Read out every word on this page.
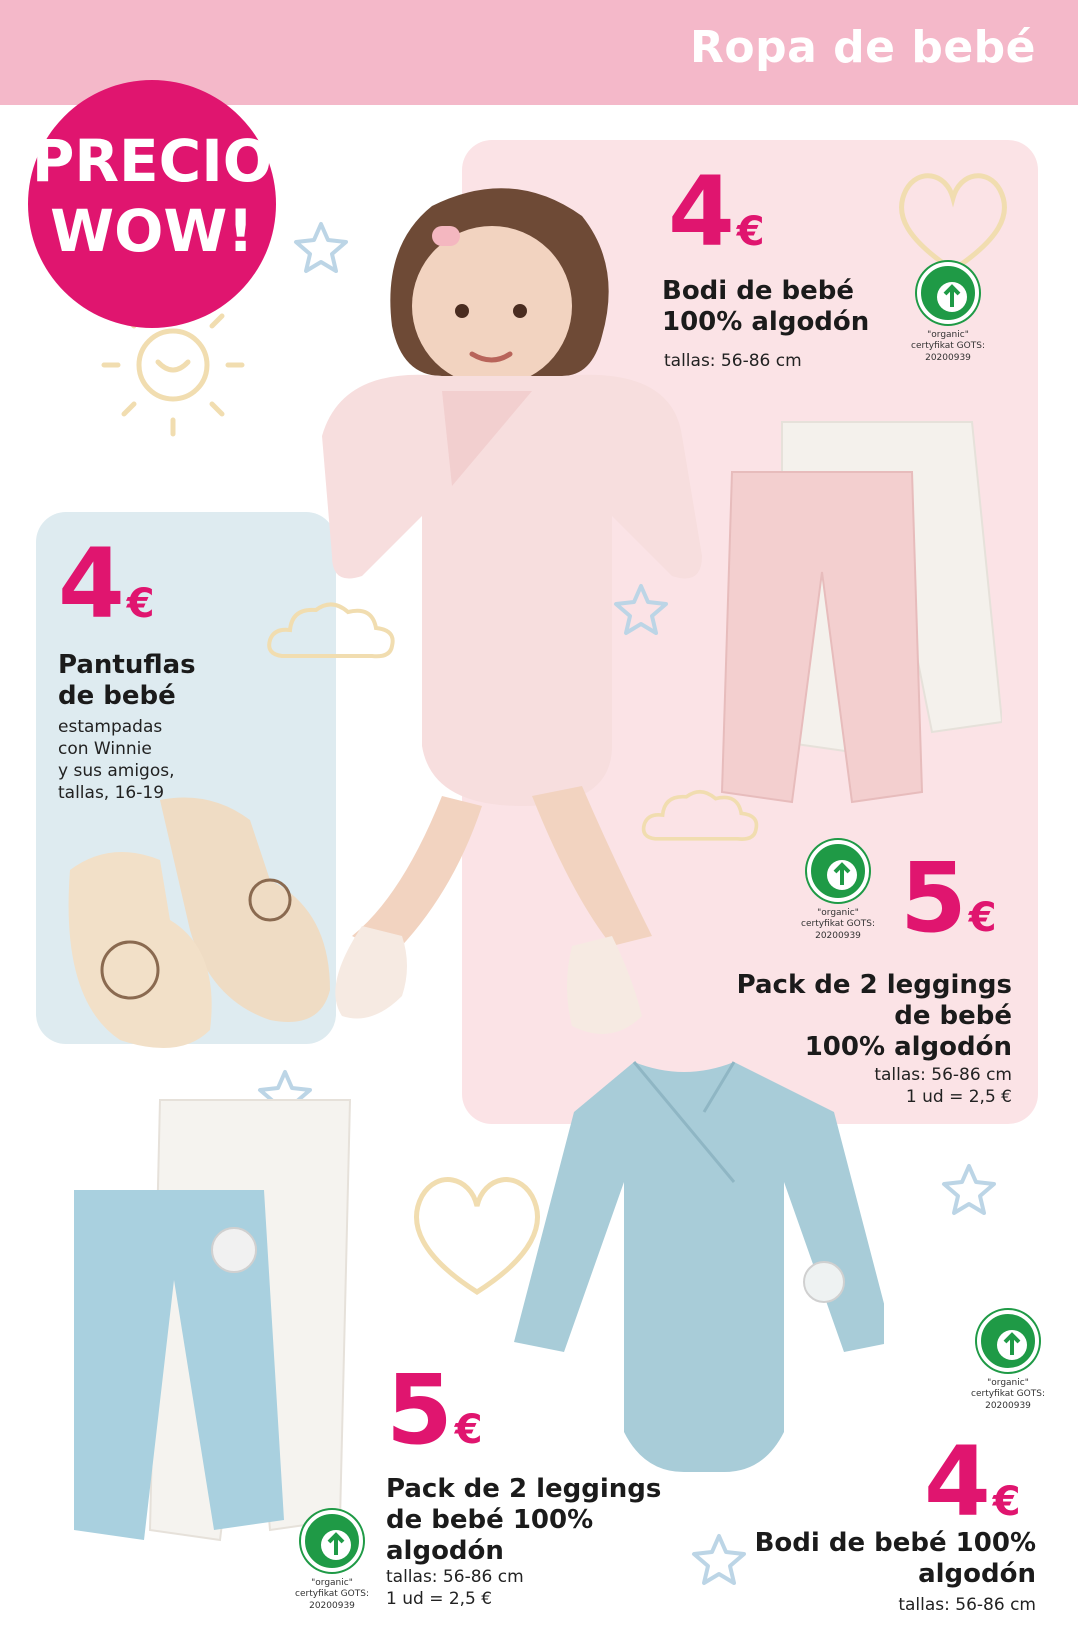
Ropa de bebé
PRECIO
WOW!	4€
Bodi de bebé
100% algodón
tallas: 56-86 cm
"organic"
certyfikat GOTS:
20200939
4€
Pantuflas
de bebé
estampadas
con Winnie
y sus amigos,
tallas, 16-19
"organic"
certyfikat GOTS:
20200939 5€
Pack de 2 leggings
de bebé
100% algodón
tallas: 56-86 cm
1 ud = 2,5 €
5€
Pack de 2 leggings
de bebé 100%
algodón
tallas: 56-86 cm
1 ud = 2,5 €
"organic"
certyfikat GOTS:
20200939
"organic"
certyfikat GOTS:
20200939
4€
Bodi de bebé 100%
algodón
tallas: 56-86 cm
